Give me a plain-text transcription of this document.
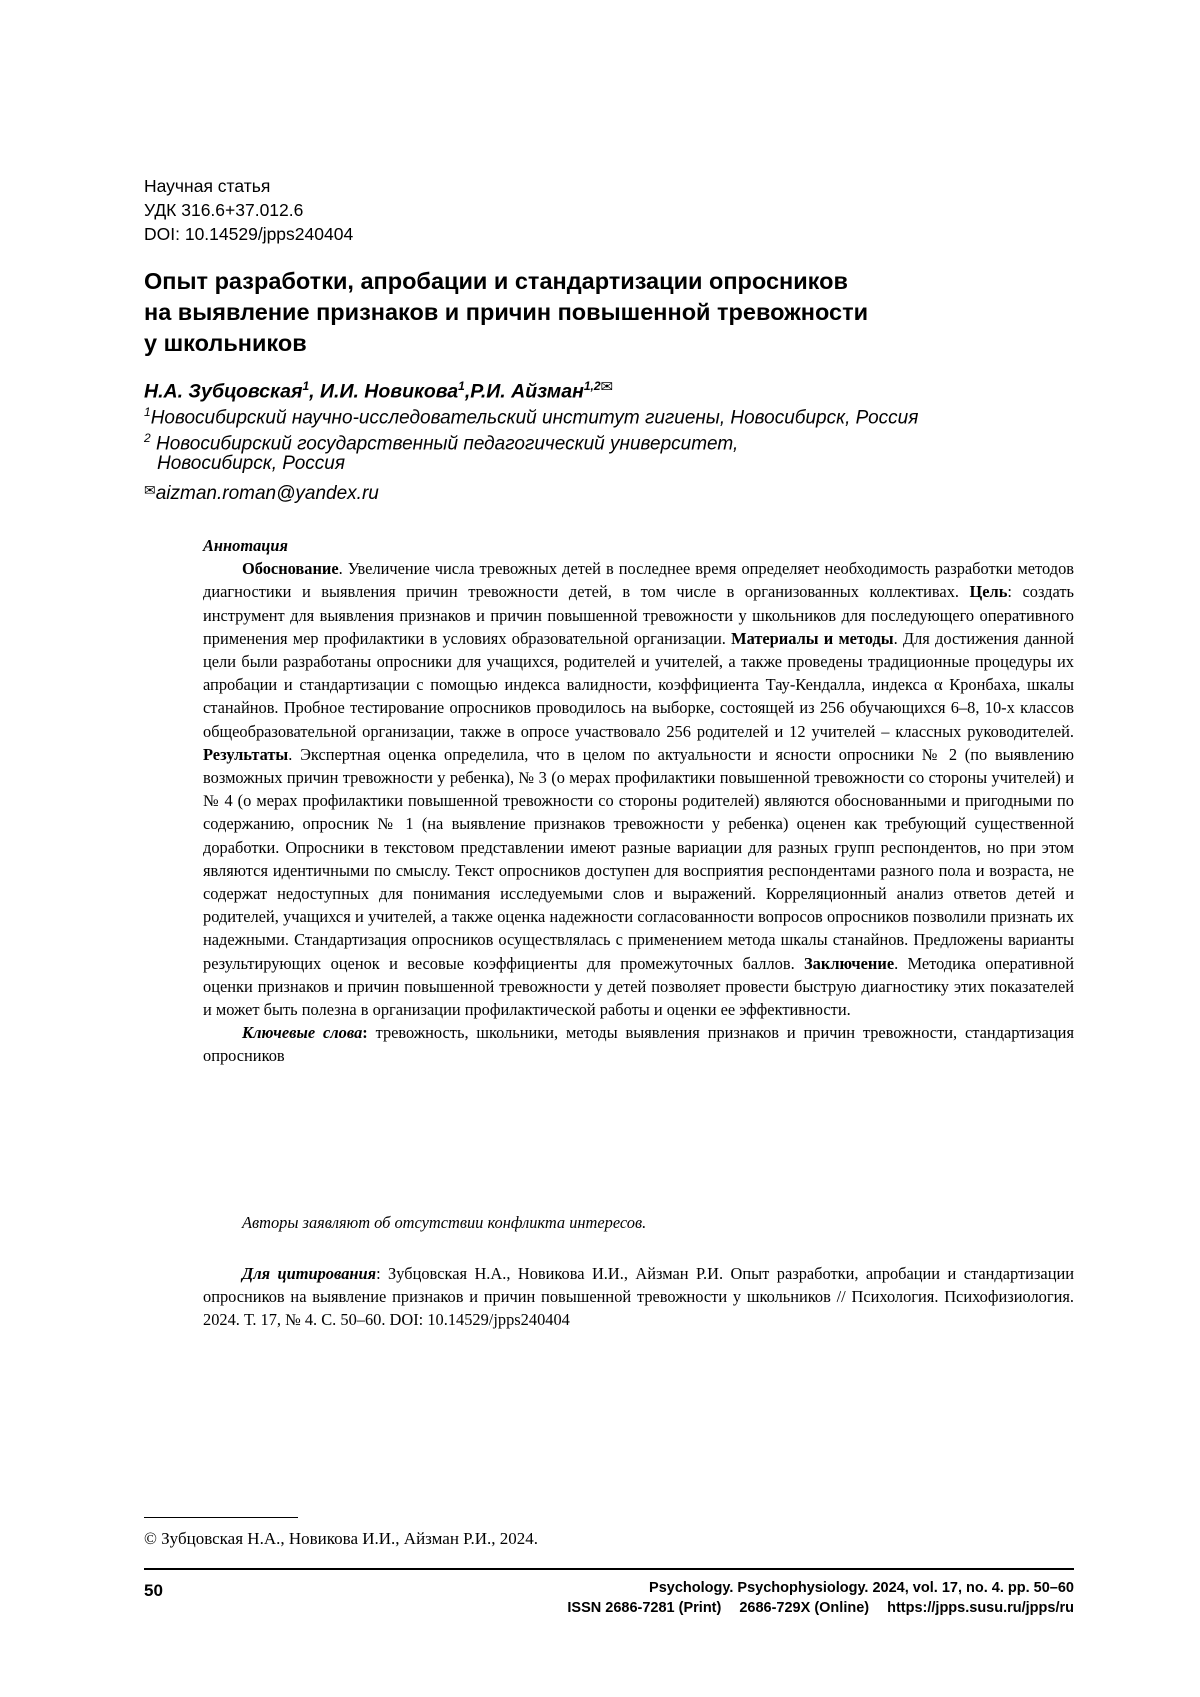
Научная статья
УДК 316.6+37.012.6
DOI: 10.14529/jpps240404
Опыт разработки, апробации и стандартизации опросников
на выявление признаков и причин повышенной тревожности
у школьников
Н.А. Зубцовская$^1$, И.И. Новикова$^1$,Р.И. Айзман$^{1,2✉}$
$^1$Новосибирский научно-исследовательский институт гигиены, Новосибирск, Россия
$^2$ Новосибирский государственный педагогический университет,
Новосибирск, Россия
✉aizman.roman@yandex.ru

Аннотация

Обоснование. Увеличение числа тревожных детей в последнее время определяет необходимость разработки методов диагностики и выявления причин тревожности детей, в том числе в организованных коллективах. Цель: создать инструмент для выявления признаков и причин повышенной тревожности у школьников для последующего оперативного применения мер профилактики в условиях образовательной организации. Материалы и методы. Для достижения данной цели были разработаны опросники для учащихся, родителей и учителей, а также проведены традиционные процедуры их апробации и стандартизации с помощью индекса валидности, коэффициента Тау-Кендалла, индекса α Кронбаха, шкалы станайнов. Пробное тестирование опросников проводилось на выборке, состоящей из 256 обучающихся 6–8, 10-х классов общеобразовательной организации, также в опросе участвовало 256 родителей и 12 учителей – классных руководителей. Результаты. Экспертная оценка определила, что в целом по актуальности и ясности опросники № 2 (по выявлению возможных причин тревожности у ребенка), № 3 (о мерах профилактики повышенной тревожности со стороны учителей) и № 4 (о мерах профилактики повышенной тревожности со стороны родителей) являются обоснованными и пригодными по содержанию, опросник № 1 (на выявление признаков тревожности у ребенка) оценен как требующий существенной доработки. Опросники в текстовом представлении имеют разные вариации для разных групп респондентов, но при этом являются идентичными по смыслу. Текст опросников доступен для восприятия респондентами разного пола и возраста, не содержат недоступных для понимания исследуемыми слов и выражений. Корреляционный анализ ответов детей и родителей, учащихся и учителей, а также оценка надежности согласованности вопросов опросников позволили признать их надежными. Стандартизация опросников осуществлялась с применением метода шкалы станайнов. Предложены варианты результирующих оценок и весовые коэффициенты для промежуточных баллов. Заключение. Методика оперативной оценки признаков и причин повышенной тревожности у детей позволяет провести быструю диагностику этих показателей и может быть полезна в организации профилактической работы и оценки ее эффективности.

Ключевые слова: тревожность, школьники, методы выявления признаков и причин тревожности, стандартизация опросников

Авторы заявляют об отсутствии конфликта интересов.

Для цитирования: Зубцовская Н.А., Новикова И.И., Айзман Р.И. Опыт разработки, апробации и стандартизации опросников на выявление признаков и причин повышенной тревожности у школьников // Психология. Психофизиология. 2024. Т. 17, № 4. С. 50–60. DOI: 10.14529/jpps240404

© Зубцовская Н.А., Новикова И.И., Айзман Р.И., 2024.
50	Psychology. Psychophysiology. 2024, vol. 17, no. 4. pp. 50–60
ISSN 2686-7281 (Print) 2686-729X (Online) https://jpps.susu.ru/jpps/ru
